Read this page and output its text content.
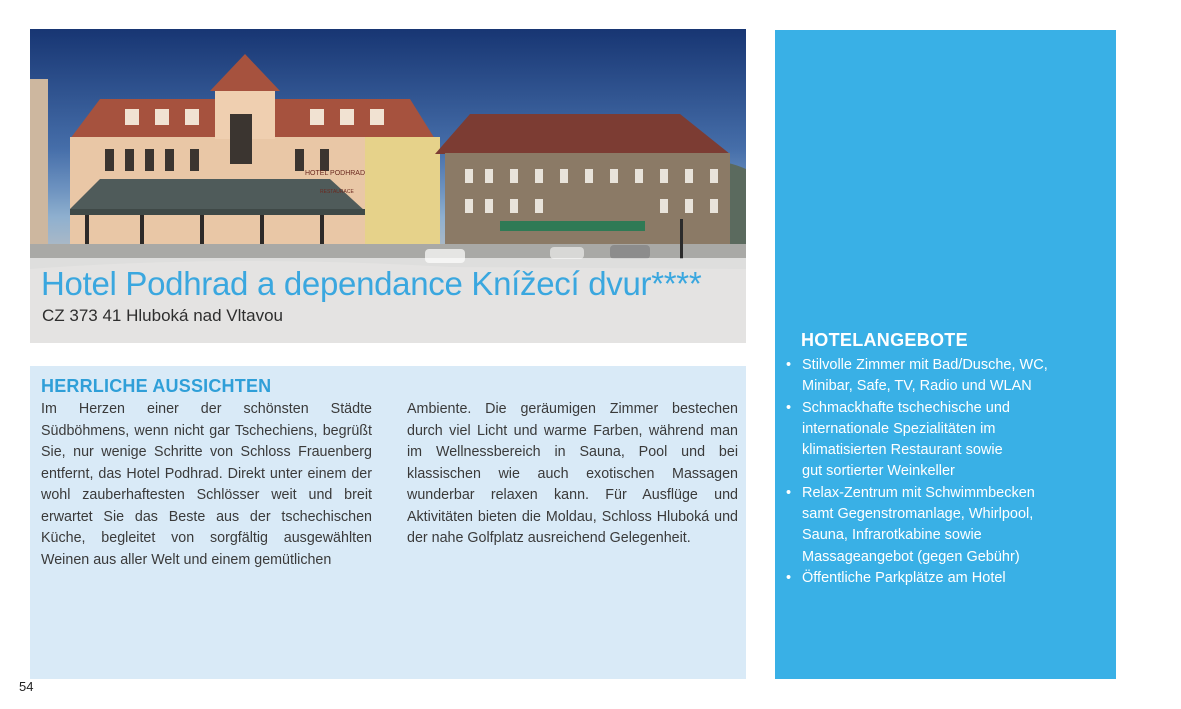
HOTEL PODHRAD
RESTAURACE
Hotel Podhrad a dependance Knížecí dvur****
CZ 373 41 Hluboká nad Vltavou
HERRLICHE AUSSICHTEN
Im Herzen einer der schönsten Städte Südböhmens, wenn nicht gar Tschechiens, begrüßt Sie, nur wenige Schritte von Schloss Frauenberg entfernt, das Hotel Podhrad. Direkt unter einem der wohl zauberhaftesten Schlösser weit und breit erwartet Sie das Beste aus der tschechischen Küche, begleitet von sorgfältig ausgewählten Weinen aus aller Welt und einem gemütlichen
Ambiente. Die geräumigen Zimmer bestechen durch viel Licht und warme Farben, während man im Wellnessbereich in Sauna, Pool und bei klassischen wie auch exotischen Massagen wunderbar relaxen kann. Für Ausflüge und Aktivitäten bieten die Moldau, Schloss Hluboká und der nahe Golfplatz ausreichend Gelegenheit.
HOTELANGEBOTE
• Stilvolle Zimmer mit Bad/Dusche, WC,
Minibar, Safe, TV, Radio und WLAN
• Schmackhafte tschechische und
internationale Spezialitäten im
klimatisierten Restaurant sowie
gut sortierter Weinkeller
• Relax-Zentrum mit Schwimmbecken
samt Gegenstromanlage, Whirlpool,
Sauna, Infrarotkabine sowie
Massageangebot (gegen Gebühr)
• Öffentliche Parkplätze am Hotel
54
